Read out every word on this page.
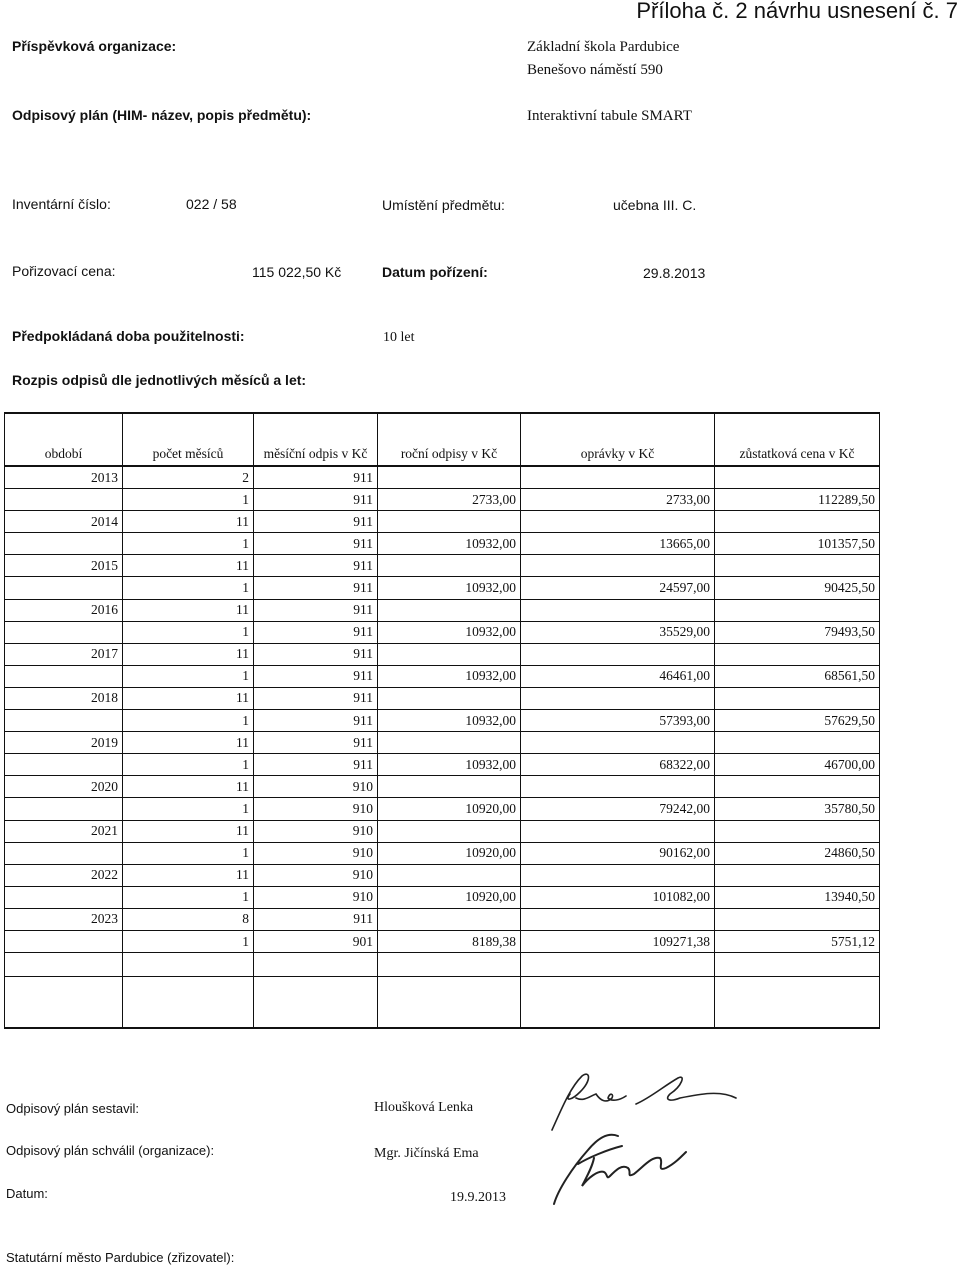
Příloha č. 2 návrhu usnesení č. 7
Příspěvková organizace:	Základní škola Pardubice
Benešovo náměstí 590
Odpisový plán (HIM- název, popis předmětu):	Interaktivní tabule SMART
Inventární číslo:	022 / 58	Umístění předmětu:	učebna III. C.
Pořizovací cena:	115 022,50 Kč	Datum pořízení:	29.8.2013
Předpokládaná doba použitelnosti:	10 let
Rozpis odpisů dle jednotlivých měsíců a let:
období	počet měsíců	měsíční odpis v Kč	roční odpisy v Kč	oprávky v Kč	zůstatková cena v Kč
2013	2	911			
	1	911	2733,00	2733,00	112289,50
2014	11	911			
	1	911	10932,00	13665,00	101357,50
2015	11	911			
	1	911	10932,00	24597,00	90425,50
2016	11	911			
	1	911	10932,00	35529,00	79493,50
2017	11	911			
	1	911	10932,00	46461,00	68561,50
2018	11	911			
	1	911	10932,00	57393,00	57629,50
2019	11	911			
	1	911	10932,00	68322,00	46700,00
2020	11	910			
	1	910	10920,00	79242,00	35780,50
2021	11	910			
	1	910	10920,00	90162,00	24860,50
2022	11	910			
	1	910	10920,00	101082,00	13940,50
2023	8	911			
	1	901	8189,38	109271,38	5751,12

Odpisový plán sestavil:	Hloušková Lenka
Odpisový plán schválil (organizace):	Mgr. Jičínská Ema
Datum:	19.9.2013
Statutární město Pardubice (zřizovatel):
